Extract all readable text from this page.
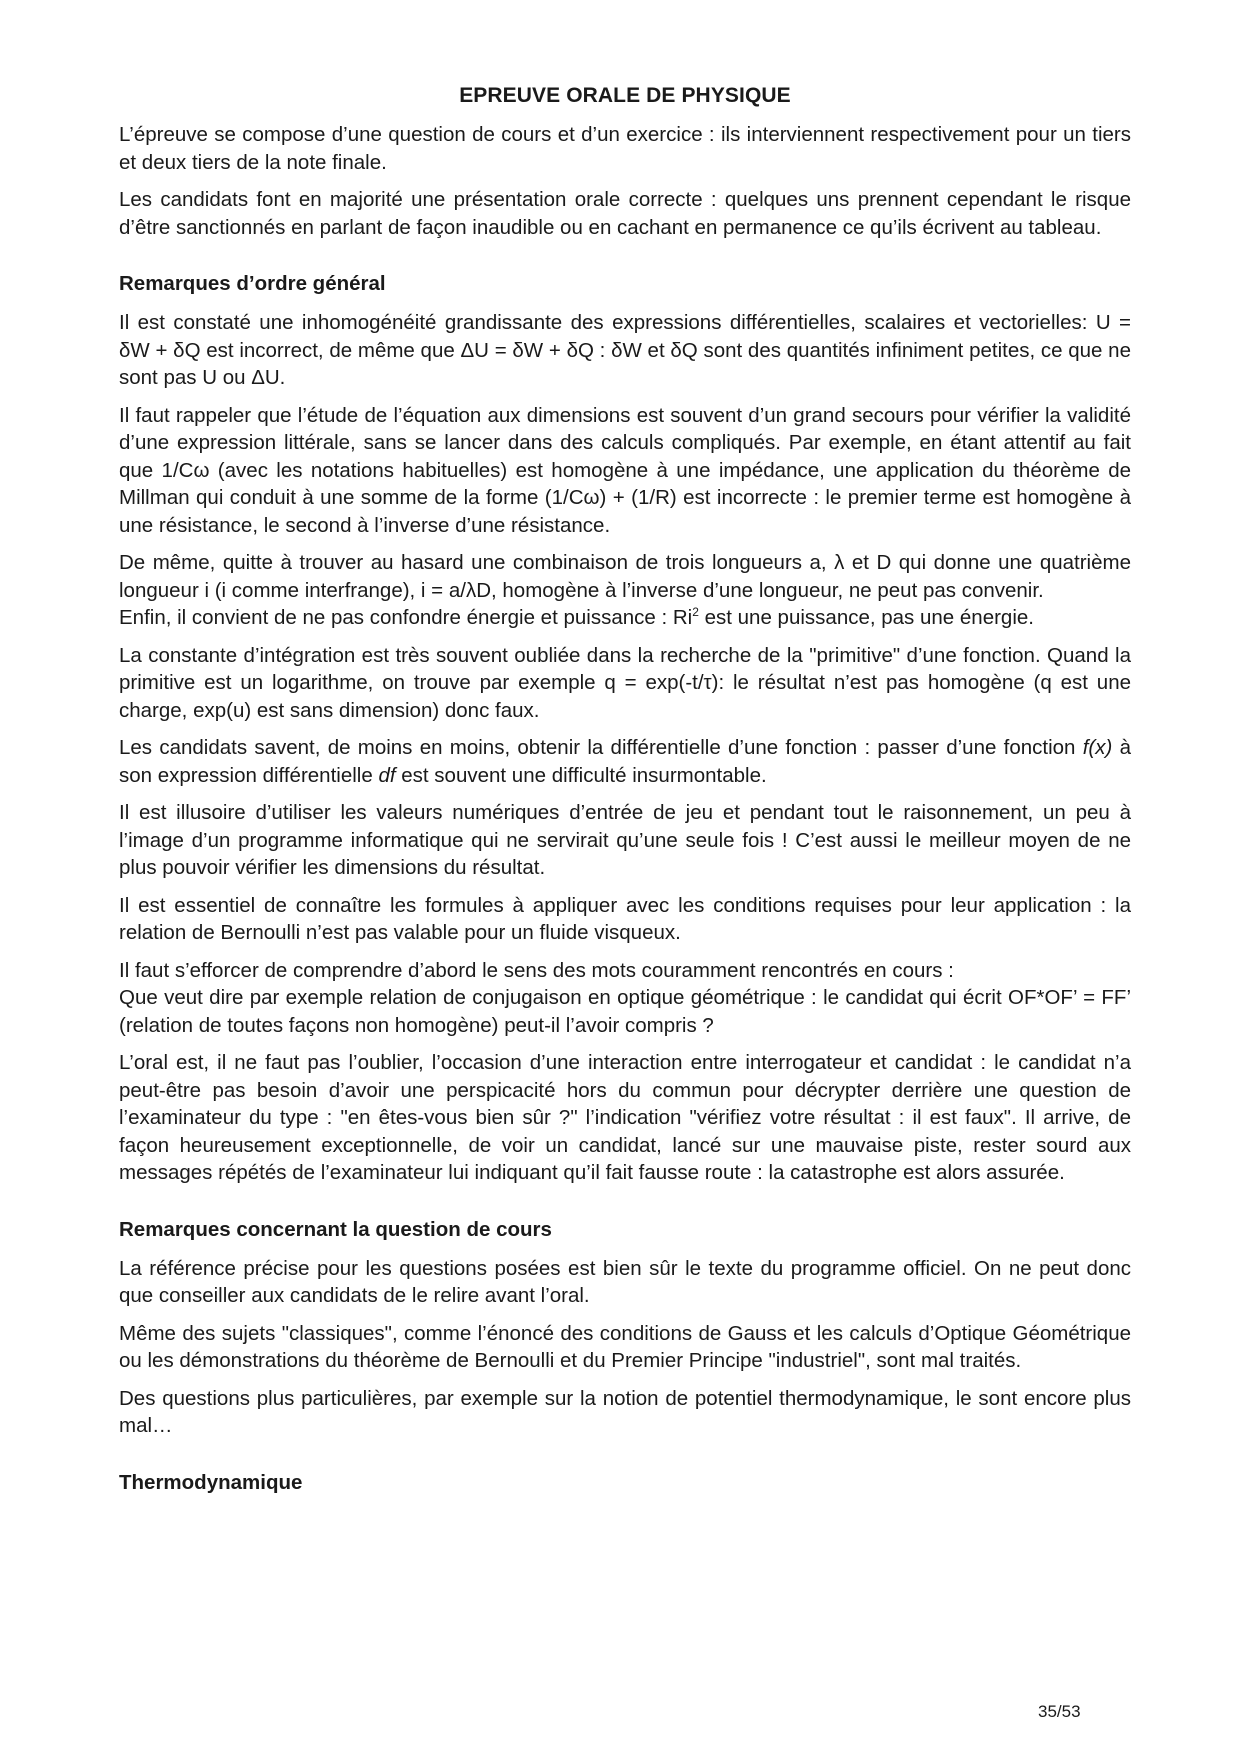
EPREUVE ORALE DE PHYSIQUE

L’épreuve se compose d’une question de cours et d’un exercice : ils interviennent respectivement pour un tiers et deux tiers de la note finale.

Les candidats font en majorité une présentation orale correcte : quelques uns prennent cependant le risque d’être sanctionnés en parlant de façon inaudible ou en cachant en permanence ce qu’ils écrivent au tableau.

Remarques d’ordre général

Il est constaté une inhomogénéité grandissante des expressions différentielles, scalaires et vectorielles: U = δW + δQ est incorrect, de même que ΔU = δW + δQ : δW et δQ sont des quantités infiniment petites, ce que ne sont pas U ou ΔU.

Il faut rappeler que l’étude de l’équation aux dimensions est souvent d’un grand secours pour vérifier la validité d’une expression littérale, sans se lancer dans des calculs compliqués. Par exemple, en étant attentif au fait que 1/Cω (avec les notations habituelles) est homogène à une impédance, une application du théorème de Millman qui conduit à une somme de la forme (1/Cω) + (1/R) est incorrecte : le premier terme est homogène à une résistance, le second à l’inverse d’une résistance.

De même, quitte à trouver au hasard une combinaison de trois longueurs a, λ et D qui donne une quatrième longueur i (i comme interfrange), i = a/λD, homogène à l’inverse d’une longueur, ne peut pas convenir.

Enfin, il convient de ne pas confondre énergie et puissance : Ri$^2$ est une puissance, pas une énergie.

La constante d’intégration est très souvent oubliée dans la recherche de la "primitive" d’une fonction. Quand la primitive est un logarithme, on trouve par exemple q = exp(-t/τ): le résultat n’est pas homogène (q est une charge, exp(u) est sans dimension) donc faux.

Les candidats savent, de moins en moins, obtenir la différentielle d’une fonction : passer d’une fonction f(x) à son expression différentielle df est souvent une difficulté insurmontable.

Il est illusoire d’utiliser les valeurs numériques d’entrée de jeu et pendant tout le raisonnement, un peu à l’image d’un programme informatique qui ne servirait qu’une seule fois ! C’est aussi le meilleur moyen de ne plus pouvoir vérifier les dimensions du résultat.

Il est essentiel de connaître les formules à appliquer avec les conditions requises pour leur application : la relation de Bernoulli n’est pas valable pour un fluide visqueux.

Il faut s’efforcer de comprendre d’abord le sens des mots couramment rencontrés en cours :

Que veut dire par exemple relation de conjugaison en optique géométrique : le candidat qui écrit OF*OF’ = FF’ (relation de toutes façons non homogène) peut-il l’avoir compris ?

L’oral est, il ne faut pas l’oublier, l’occasion d’une interaction entre interrogateur et candidat : le candidat n’a peut-être pas besoin d’avoir une perspicacité hors du commun pour décrypter derrière une question de l’examinateur du type : "en êtes-vous bien sûr ?" l’indication "vérifiez votre résultat : il est faux". Il arrive, de façon heureusement exceptionnelle, de voir un candidat, lancé sur une mauvaise piste, rester sourd aux messages répétés de l’examinateur lui indiquant qu’il fait fausse route : la catastrophe est alors assurée.

Remarques concernant la question de cours

La référence précise pour les questions posées est bien sûr le texte du programme officiel. On ne peut donc que conseiller aux candidats de le relire avant l’oral.

Même des sujets "classiques", comme l’énoncé des conditions de Gauss et les calculs d’Optique Géométrique ou les démonstrations du théorème de Bernoulli et du Premier Principe "industriel", sont mal traités.

Des questions plus particulières, par exemple sur la notion de potentiel thermodynamique, le sont encore plus mal…

Thermodynamique
35/53
